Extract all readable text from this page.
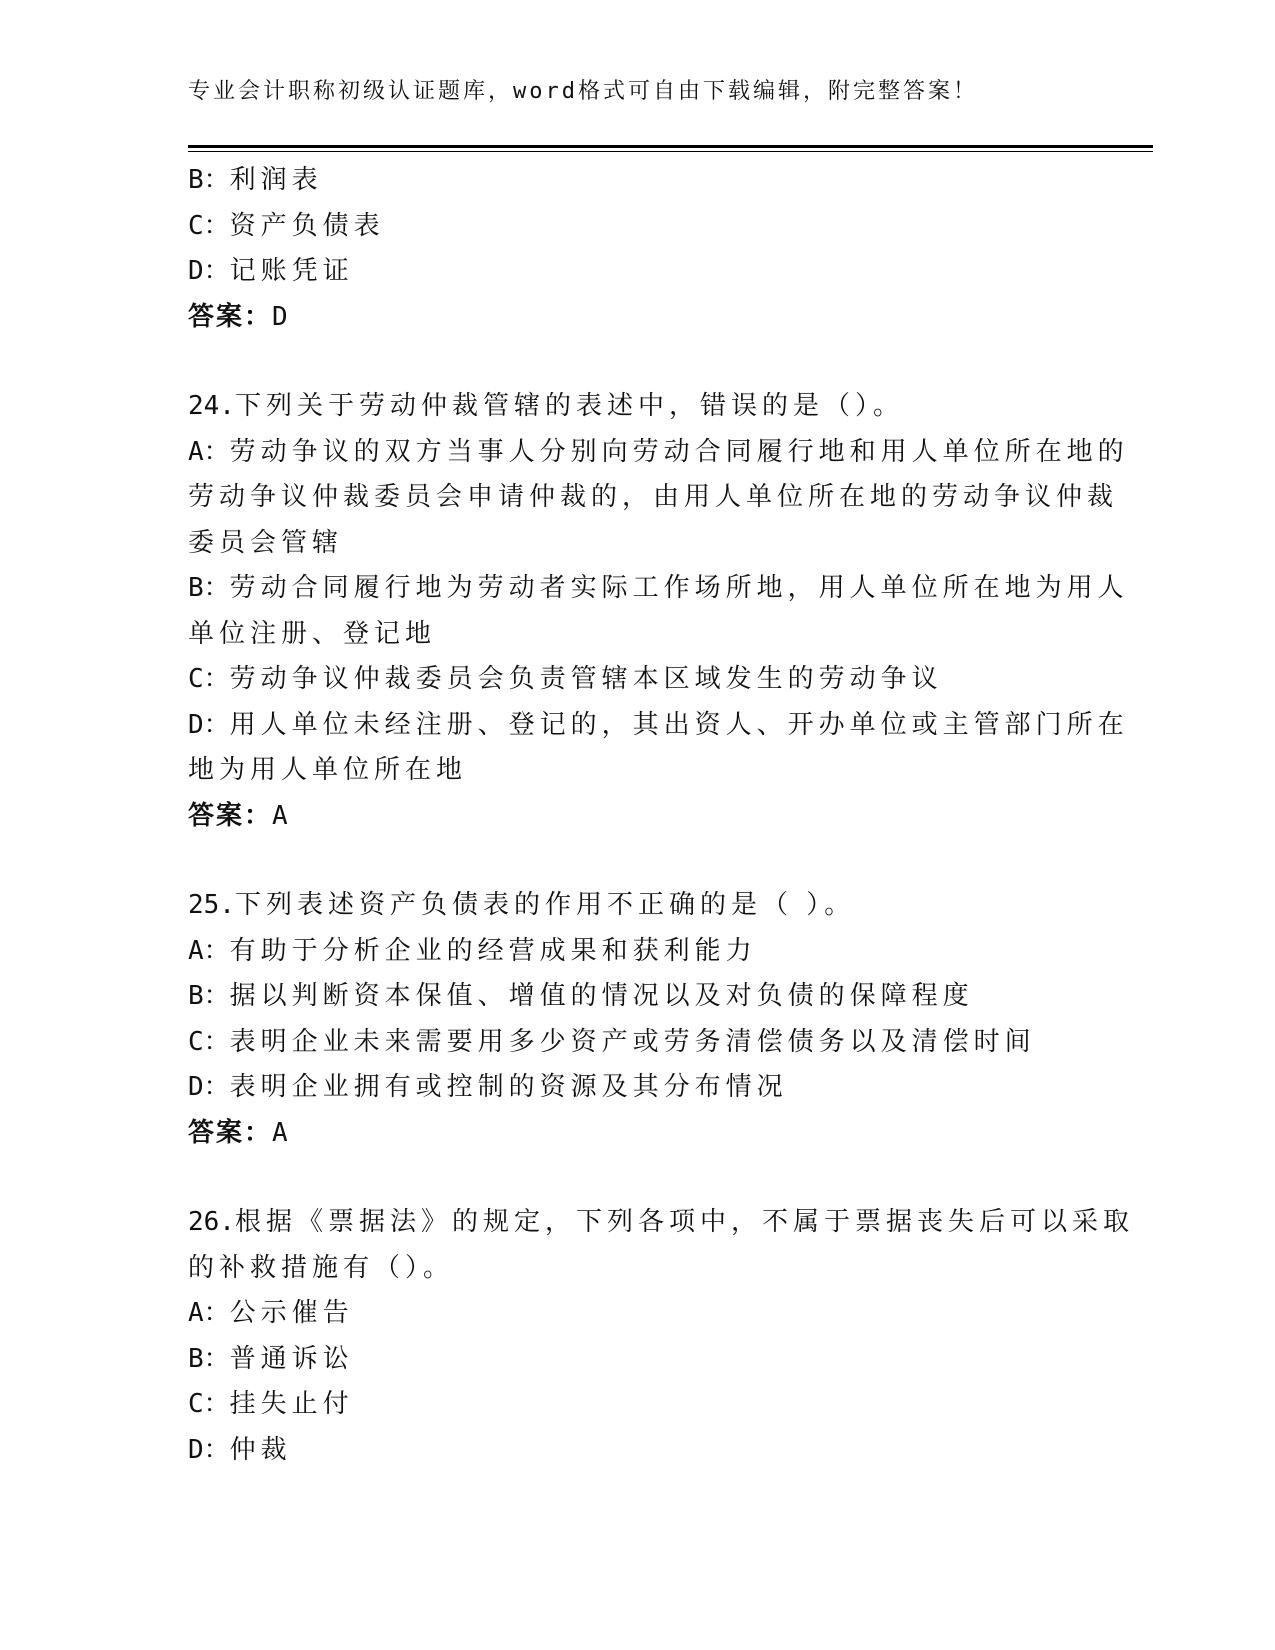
专业会计职称初级认证题库，word格式可自由下载编辑，附完整答案！
B：利润表
C：资产负债表
D：记账凭证
答案：D
24.下列关于劳动仲裁管辖的表述中，错误的是（）。
A：劳动争议的双方当事人分别向劳动合同履行地和用人单位所在地的
劳动争议仲裁委员会申请仲裁的，由用人单位所在地的劳动争议仲裁
委员会管辖
B：劳动合同履行地为劳动者实际工作场所地，用人单位所在地为用人
单位注册、登记地
C：劳动争议仲裁委员会负责管辖本区域发生的劳动争议
D：用人单位未经注册、登记的，其出资人、开办单位或主管部门所在
地为用人单位所在地
答案：A
25.下列表述资产负债表的作用不正确的是（ ）。
A：有助于分析企业的经营成果和获利能力
B：据以判断资本保值、增值的情况以及对负债的保障程度
C：表明企业未来需要用多少资产或劳务清偿债务以及清偿时间
D：表明企业拥有或控制的资源及其分布情况
答案：A
26.根据《票据法》的规定，下列各项中，不属于票据丧失后可以采取
的补救措施有（）。
A：公示催告
B：普通诉讼
C：挂失止付
D：仲裁
